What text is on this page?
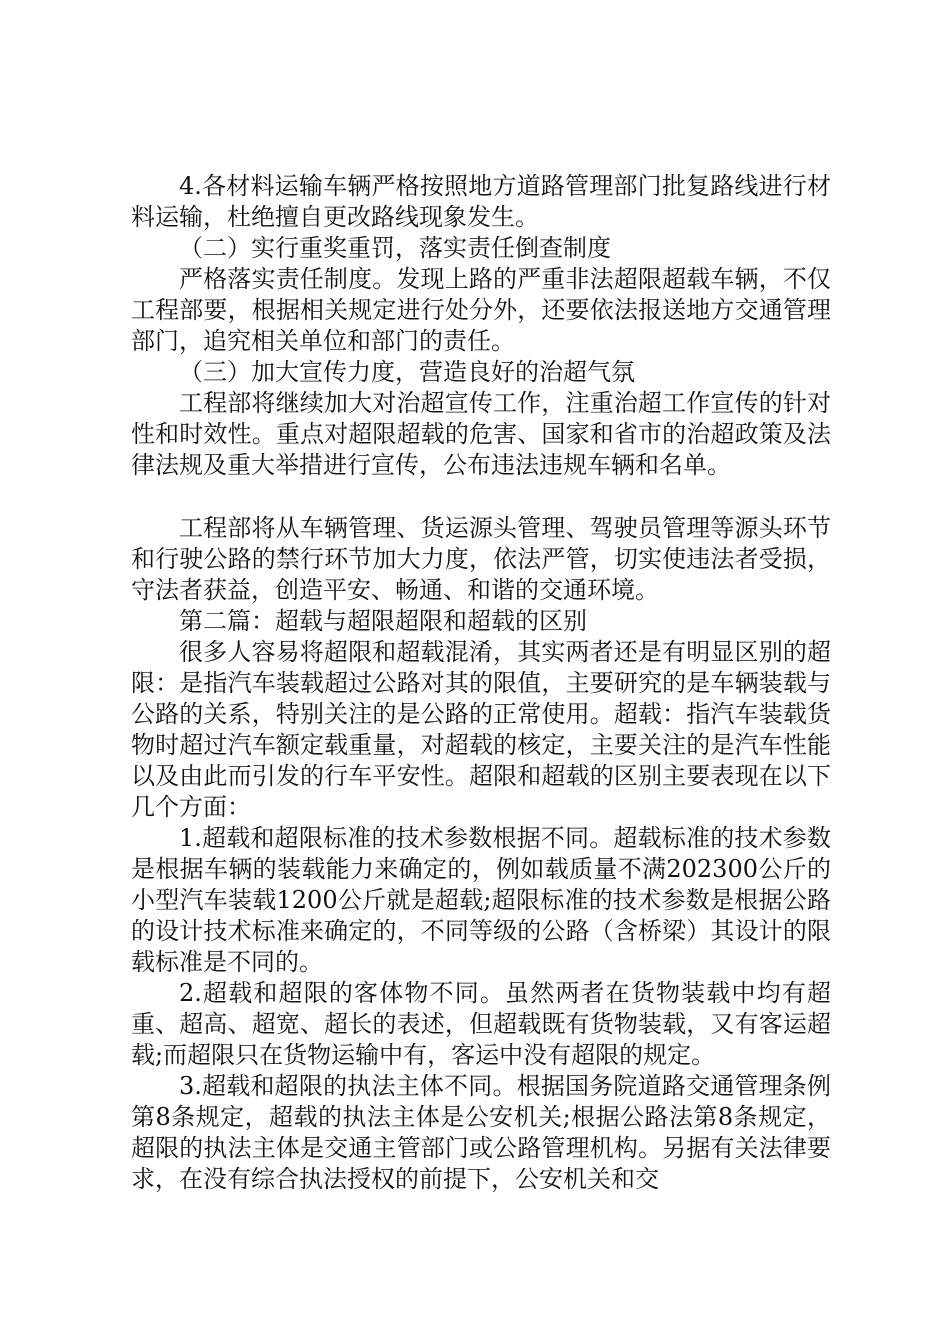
4.各材料运输车辆严格按照地方道路管理部门批复路线进行材料运输，杜绝擅自更改路线现象发生。

（二）实行重奖重罚，落实责任倒查制度

严格落实责任制度。发现上路的严重非法超限超载车辆，不仅工程部要，根据相关规定进行处分外，还要依法报送地方交通管理部门，追究相关单位和部门的责任。

（三）加大宣传力度，营造良好的治超气氛

工程部将继续加大对治超宣传工作，注重治超工作宣传的针对性和时效性。重点对超限超载的危害、国家和省市的治超政策及法律法规及重大举措进行宣传，公布违法违规车辆和名单。

工程部将从车辆管理、货运源头管理、驾驶员管理等源头环节和行驶公路的禁行环节加大力度，依法严管，切实使违法者受损，守法者获益，创造平安、畅通、和谐的交通环境。

第二篇：超载与超限超限和超载的区别

很多人容易将超限和超载混淆，其实两者还是有明显区别的超限：是指汽车装载超过公路对其的限值，主要研究的是车辆装载与公路的关系，特别关注的是公路的正常使用。超载：指汽车装载货物时超过汽车额定载重量，对超载的核定，主要关注的是汽车性能以及由此而引发的行车平安性。超限和超载的区别主要表现在以下几个方面：

1.超载和超限标准的技术参数根据不同。超载标准的技术参数是根据车辆的装载能力来确定的，例如载质量不满202300公斤的小型汽车装载1200公斤就是超载;超限标准的技术参数是根据公路的设计技术标准来确定的，不同等级的公路（含桥梁）其设计的限载标准是不同的。

2.超载和超限的客体物不同。虽然两者在货物装载中均有超重、超高、超宽、超长的表述，但超载既有货物装载，又有客运超载;而超限只在货物运输中有，客运中没有超限的规定。

3.超载和超限的执法主体不同。根据国务院道路交通管理条例第8条规定，超载的执法主体是公安机关;根据公路法第8条规定，超限的执法主体是交通主管部门或公路管理机构。另据有关法律要求，在没有综合执法授权的前提下，公安机关和交
